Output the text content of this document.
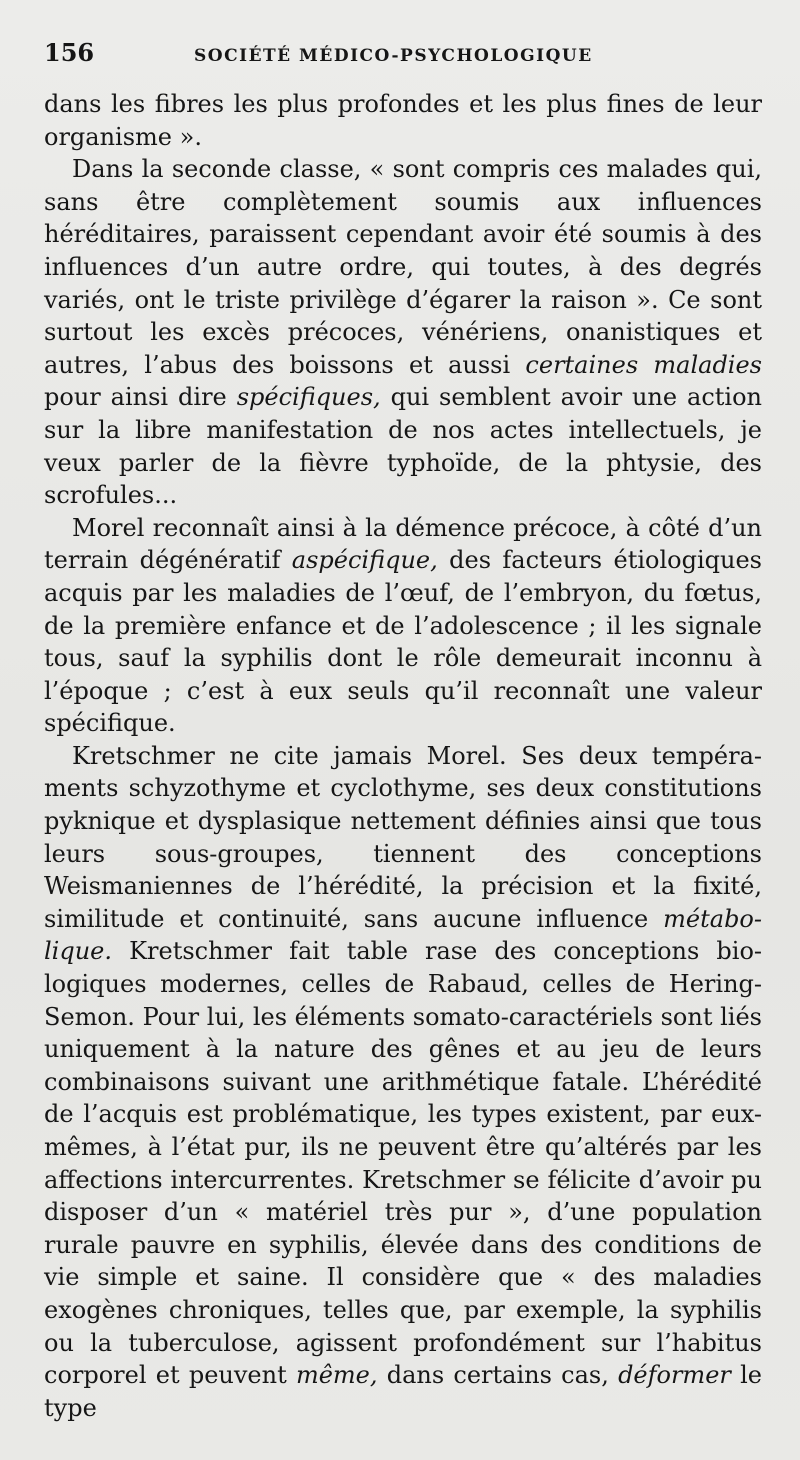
156	SOCIÉTÉ MÉDICO-PSYCHOLOGIQUE

dans les fibres les plus profondes et les plus fines de leur organisme ».

Dans la seconde classe, « sont compris ces malades qui, sans être complètement soumis aux influences héréditaires, paraissent cependant avoir été soumis à des influences d’un autre ordre, qui toutes, à des degrés variés, ont le triste privilège d’égarer la raison ». Ce sont surtout les excès précoces, vénériens, onanistiques et autres, l’abus des boissons et aussi certaines maladies pour ainsi dire spécifiques, qui semblent avoir une action sur la libre manifestation de nos actes intellectuels, je veux parler de la fièvre typhoïde, de la phtysie, des scrofules...

Morel reconnaît ainsi à la démence précoce, à côté d’un terrain dégénératif aspécifique, des facteurs étiologiques acquis par les maladies de l’œuf, de l’embryon, du fœtus, de la première enfance et de l’adolescence ; il les signale tous, sauf la syphilis dont le rôle demeurait inconnu à l’époque ; c’est à eux seuls qu’il reconnaît une valeur spécifique.

Kretschmer ne cite jamais Morel. Ses deux tempéraments schyzothyme et cyclothyme, ses deux constitutions pyknique et dysplasique nettement définies ainsi que tous leurs sous-groupes, tiennent des conceptions Weismaniennes de l’hérédité, la précision et la fixité, similitude et continuité, sans aucune influence métabolique. Kretschmer fait table rase des conceptions biologiques modernes, celles de Rabaud, celles de Hering-Semon. Pour lui, les éléments somato-caractériels sont liés uniquement à la nature des gênes et au jeu de leurs combinaisons suivant une arithmétique fatale. L’hérédité de l’acquis est problématique, les types existent, par eux-mêmes, à l’état pur, ils ne peuvent être qu’altérés par les affections intercurrentes. Kretschmer se félicite d’avoir pu disposer d’un « matériel très pur », d’une population rurale pauvre en syphilis, élevée dans des conditions de vie simple et saine. Il considère que « des maladies exogènes chroniques, telles que, par exemple, la syphilis ou la tuberculose, agissent profondément sur l’habitus corporel et peuvent même, dans certains cas, déformer le type
